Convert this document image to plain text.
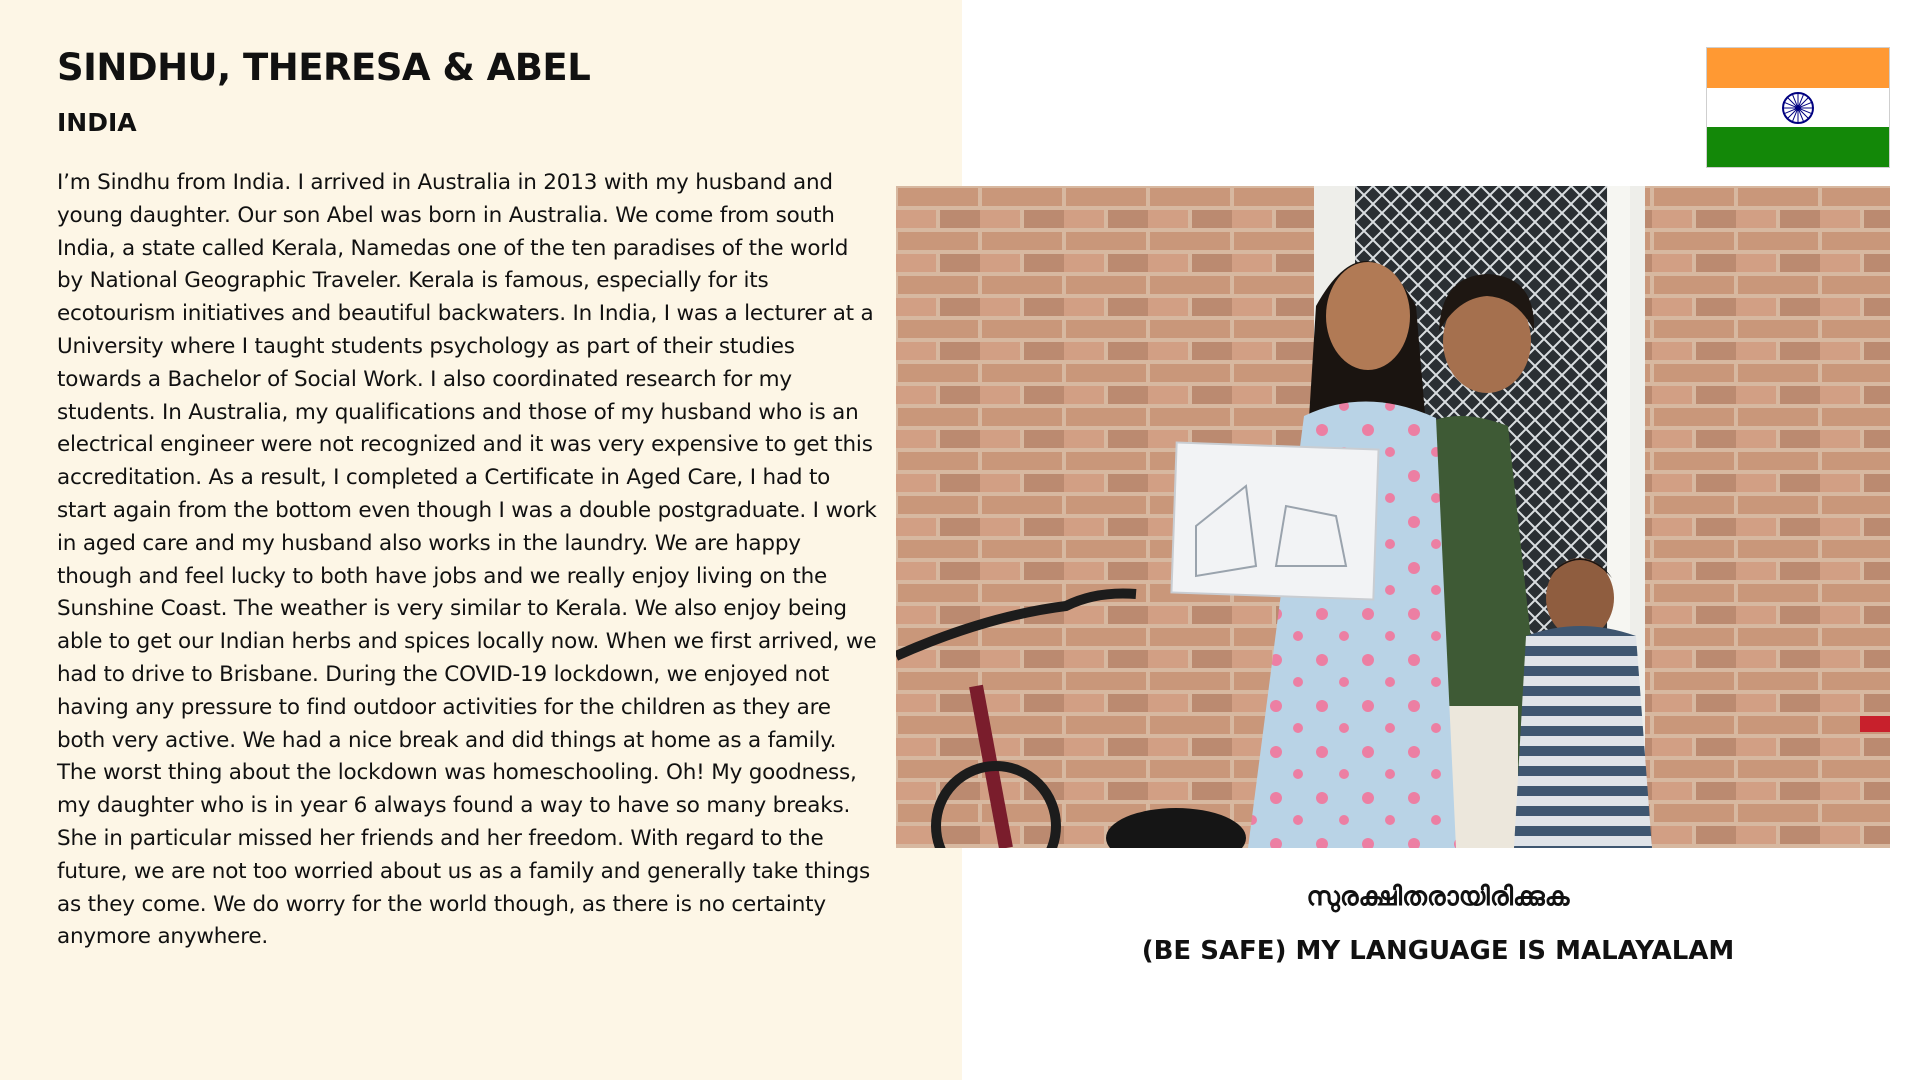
SINDHU, THERESA & ABEL
INDIA

I’m Sindhu from India. I arrived in Australia in 2013 with my husband and young daughter. Our son Abel was born in Australia. We come from south India, a state called Kerala, Namedas one of the ten paradises of the world by National Geographic Traveler. Kerala is famous, especially for its ecotourism initiatives and beautiful backwaters. In India, I was a lecturer at a University where I taught students psychology as part of their studies towards a Bachelor of Social Work. I also coordinated research for my students. In Australia, my qualifications and those of my husband who is an electrical engineer were not recognized and it was very expensive to get this accreditation. As a result, I completed a Certificate in Aged Care, I had to start again from the bottom even though I was a double postgraduate. I work in aged care and my husband also works in the laundry. We are happy though and feel lucky to both have jobs and we really enjoy living on the Sunshine Coast. The weather is very similar to Kerala. We also enjoy being able to get our Indian herbs and spices locally now. When we first arrived, we had to drive to Brisbane. During the COVID-19 lockdown, we enjoyed not having any pressure to find outdoor activities for the children as they are both very active. We had a nice break and did things at home as a family.

The worst thing about the lockdown was homeschooling. Oh! My goodness, my daughter who is in year 6 always found a way to have so many breaks. She in particular missed her friends and her freedom. With regard to the future, we are not too worried about us as a family and generally take things as they come. We do worry for the world though, as there is no certainty anymore anywhere.

സുരക്ഷിതരായിരിക്കുക
(BE SAFE) MY LANGUAGE IS MALAYALAM
